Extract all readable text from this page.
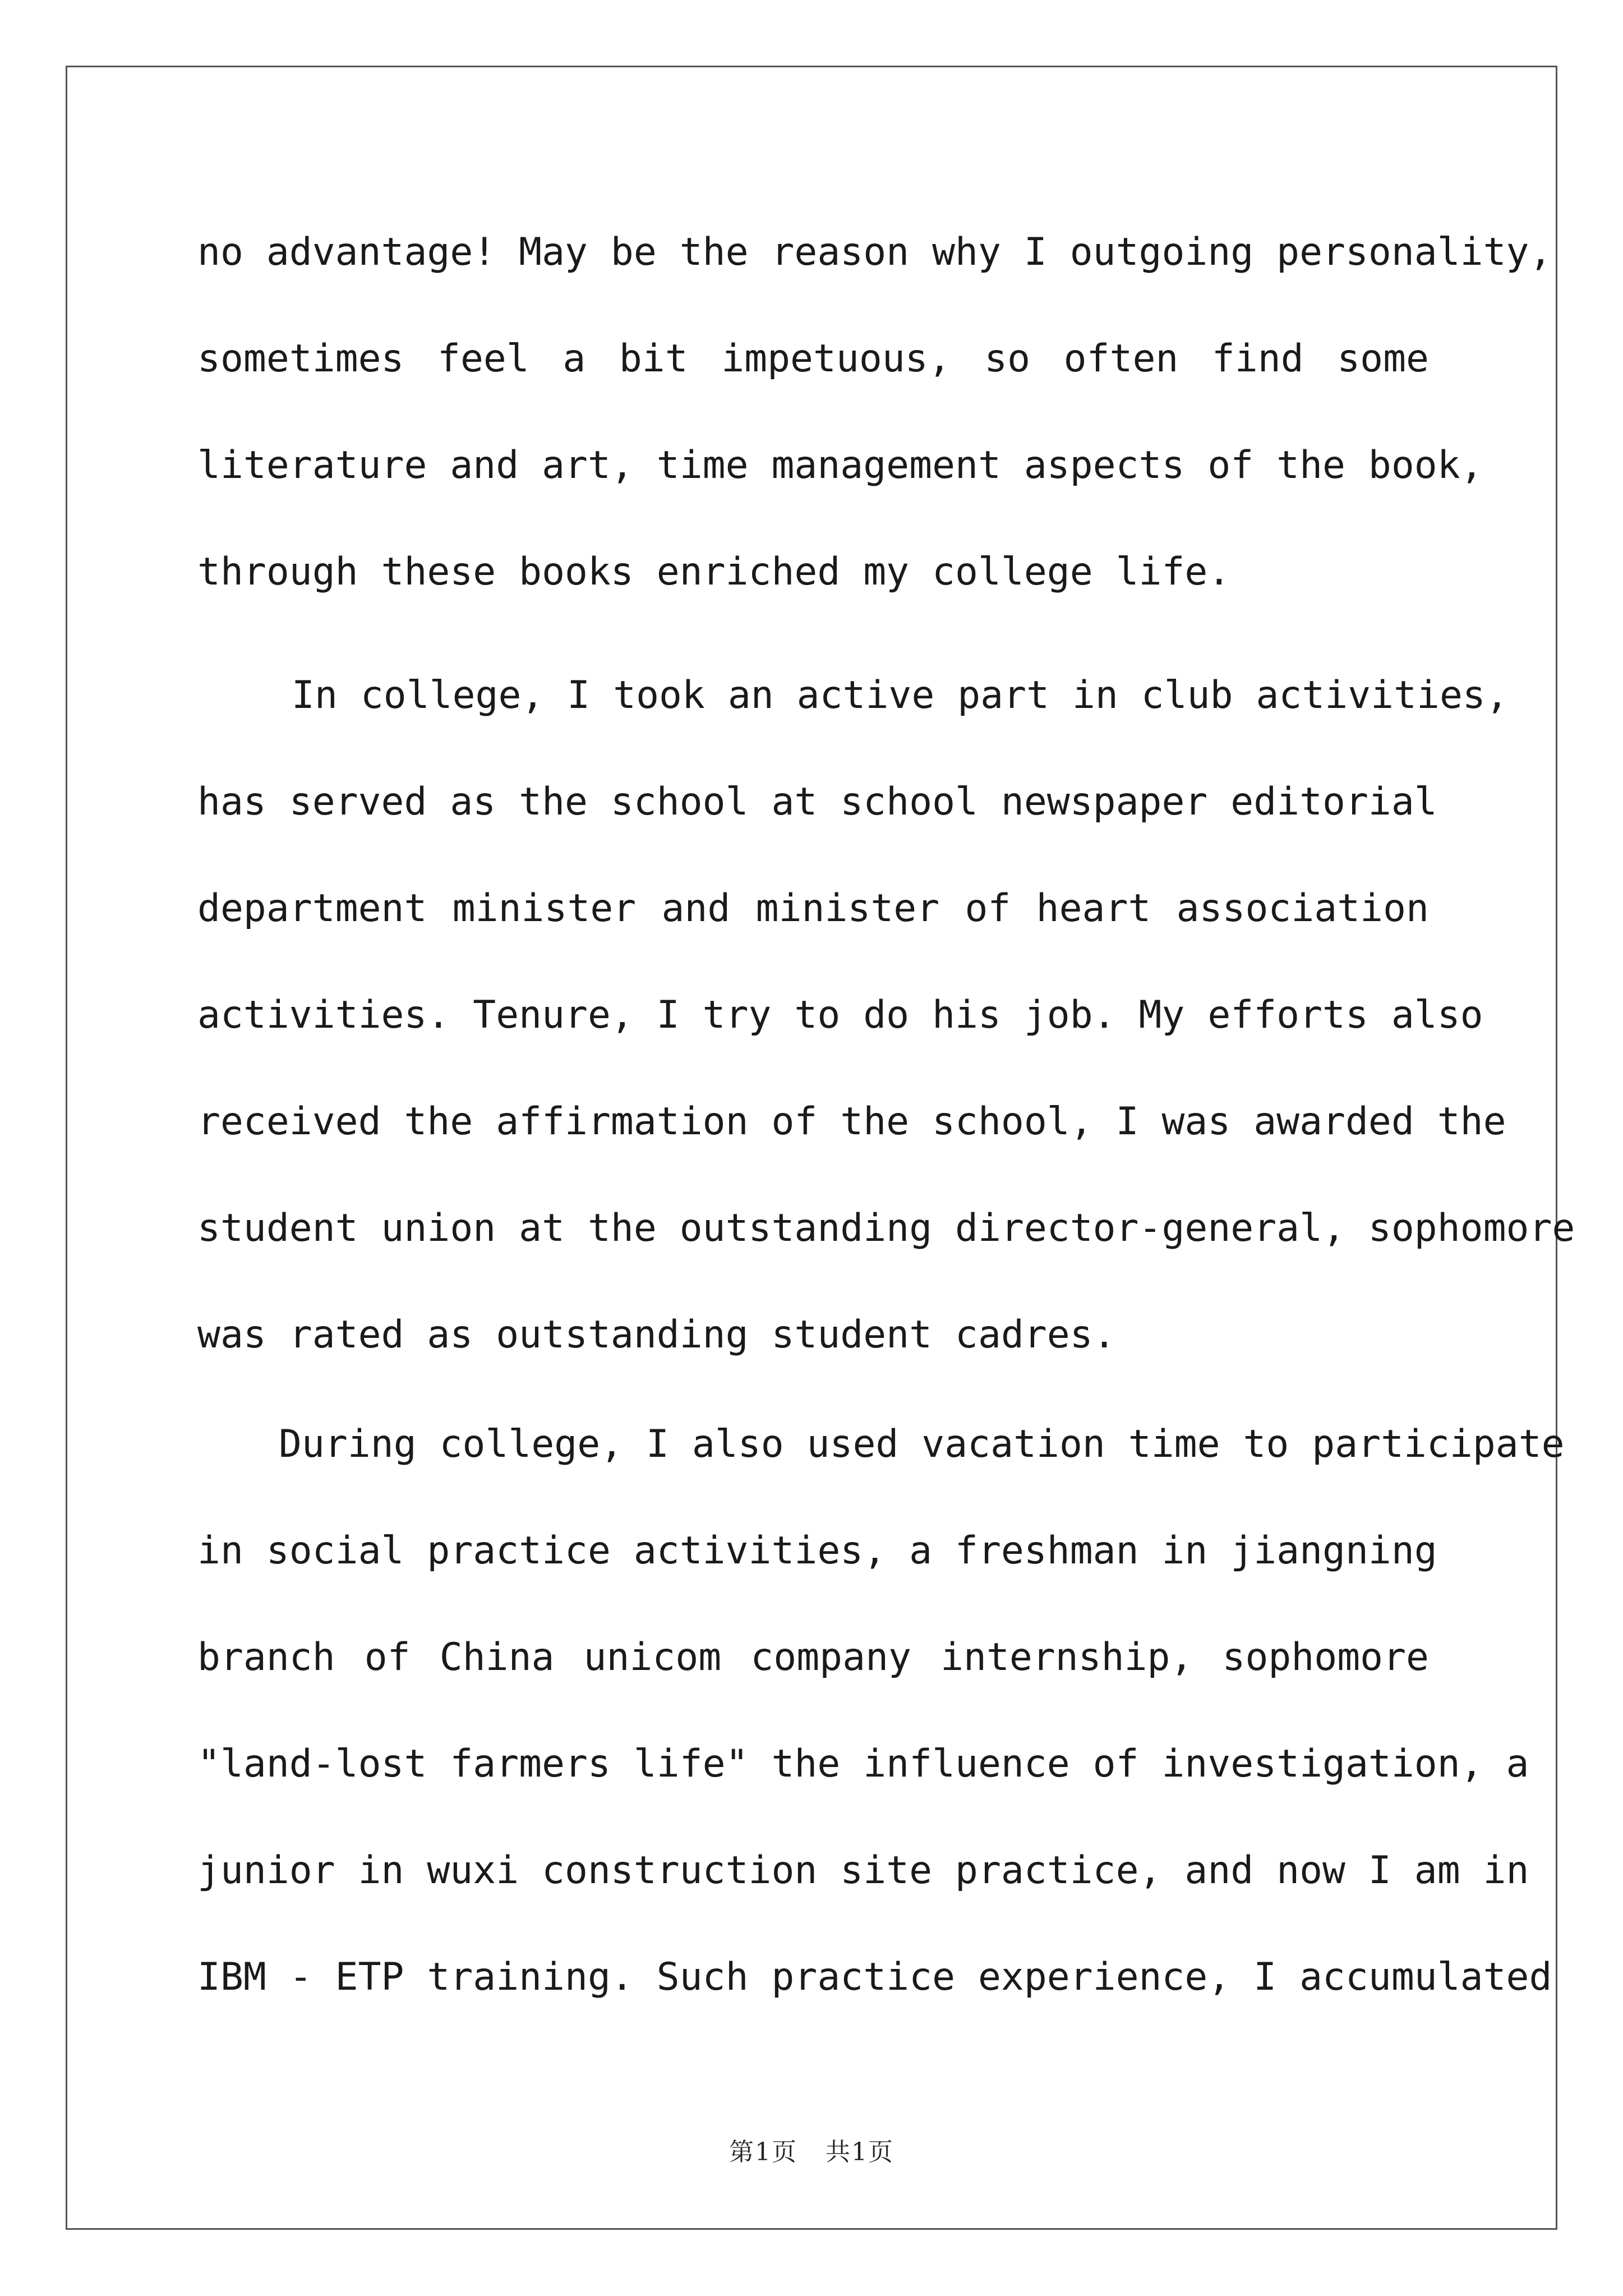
no advantage! May be the reason why I outgoing personality,
sometimes feel a bit impetuous, so often find some
literature and art, time management aspects of the book,
through these books enriched my college life.
In college, I took an active part in club activities,
has served as the school at school newspaper editorial
department minister and minister of heart association
activities. Tenure, I try to do his job. My efforts also
received the affirmation of the school, I was awarded the
student union at the outstanding director-general, sophomore
was rated as outstanding student cadres.
During college, I also used vacation time to participate
in social practice activities, a freshman in jiangning
branch of China unicom company internship, sophomore
"land-lost farmers life" the influence of investigation, a
junior in wuxi construction site practice, and now I am in
IBM - ETP training. Such practice experience, I accumulated
第1页 共1页
